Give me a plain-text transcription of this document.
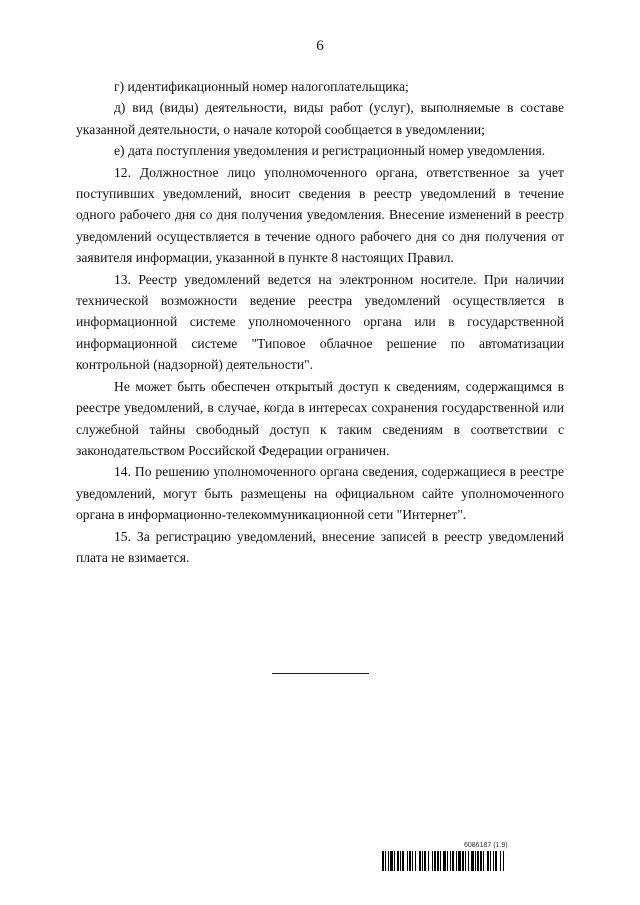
6

г) идентификационный номер налогоплательщика;

д) вид (виды) деятельности, виды работ (услуг), выполняемые в составе указанной деятельности, о начале которой сообщается в уведомлении;

е) дата поступления уведомления и регистрационный номер уведомления.

12. Должностное лицо уполномоченного органа, ответственное за учет поступивших уведомлений, вносит сведения в реестр уведомлений в течение одного рабочего дня со дня получения уведомления. Внесение изменений в реестр уведомлений осуществляется в течение одного рабочего дня со дня получения от заявителя информации, указанной в пункте 8 настоящих Правил.

13. Реестр уведомлений ведется на электронном носителе. При наличии технической возможности ведение реестра уведомлений осуществляется в информационной системе уполномоченного органа или в государственной информационной системе "Типовое облачное решение по автоматизации контрольной (надзорной) деятельности".

Не может быть обеспечен открытый доступ к сведениям, содержащимся в реестре уведомлений, в случае, когда в интересах сохранения государственной или служебной тайны свободный доступ к таким сведениям в соответствии с законодательством Российской Федерации ограничен.

14. По решению уполномоченного органа сведения, содержащиеся в реестре уведомлений, могут быть размещены на официальном сайте уполномоченного органа в информационно-телекоммуникационной сети "Интернет".

15. За регистрацию уведомлений, внесение записей в реестр уведомлений плата не взимается.

6086187 (1.9)
